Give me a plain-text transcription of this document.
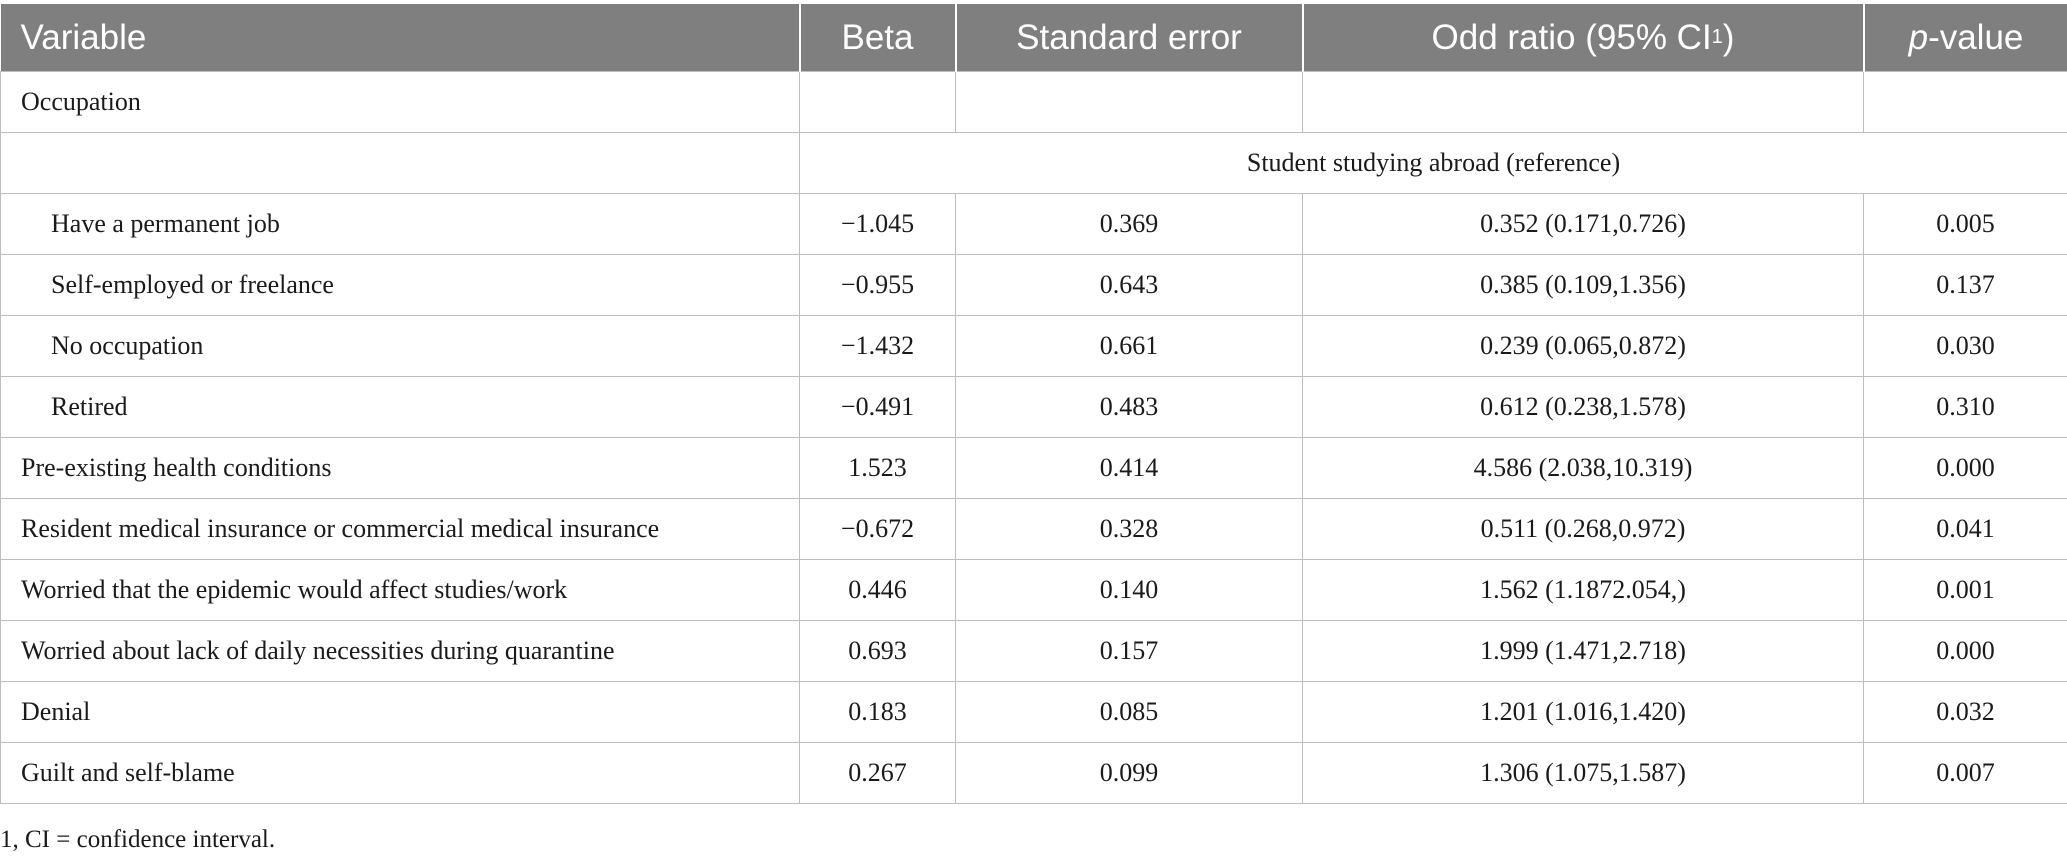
Variable	Beta	Standard error	Odd ratio (95% $CI^1$)	p-value
Occupation				
	Student studying abroad (reference)			
Have a permanent job	−1.045	0.369	0.352 (0.171,0.726)	0.005
Self-employed or freelance	−0.955	0.643	0.385 (0.109,1.356)	0.137
No occupation	−1.432	0.661	0.239 (0.065,0.872)	0.030
Retired	−0.491	0.483	0.612 (0.238,1.578)	0.310
Pre-existing health conditions	1.523	0.414	4.586 (2.038,10.319)	0.000
Resident medical insurance or commercial medical insurance	−0.672	0.328	0.511 (0.268,0.972)	0.041
Worried that the epidemic would affect studies/work	0.446	0.140	1.562 (1.1872.054,)	0.001
Worried about lack of daily necessities during quarantine	0.693	0.157	1.999 (1.471,2.718)	0.000
Denial	0.183	0.085	1.201 (1.016,1.420)	0.032
Guilt and self-blame	0.267	0.099	1.306 (1.075,1.587)	0.007
1, CI = confidence interval.
